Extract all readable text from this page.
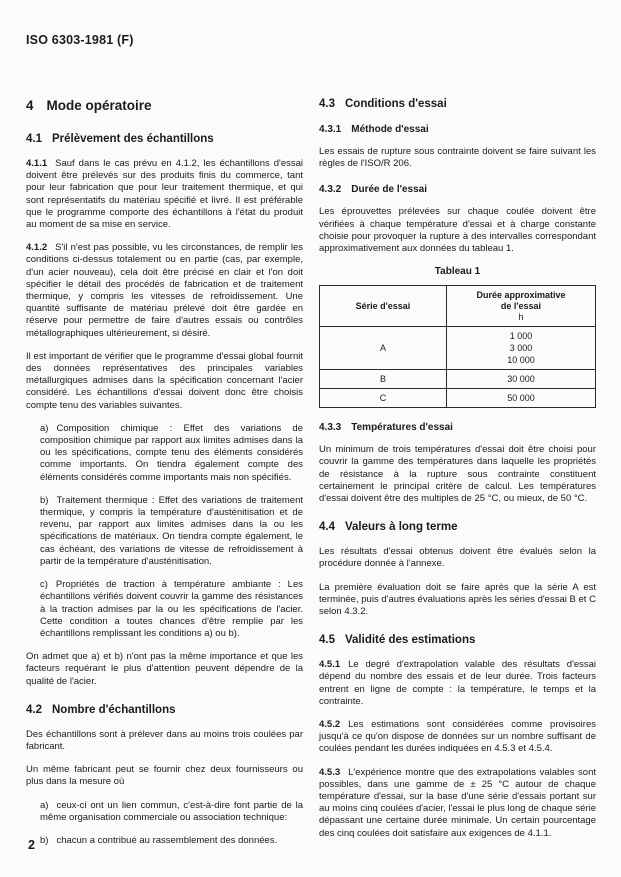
ISO 6303-1981 (F)
4 Mode opératoire
4.1 Prélèvement des échantillons

4.1.1 Sauf dans le cas prévu en 4.1.2, les échantillons d'essai doivent être prélevés sur des produits finis du commerce, tant pour leur fabrication que pour leur traitement thermique, et qui sont représentatifs du matériau spécifié et livré. Il est préférable que le programme comporte des échantillons à l'état du produit au moment de sa mise en service.

4.1.2 S'il n'est pas possible, vu les circonstances, de remplir les conditions ci-dessus totalement ou en partie (cas, par exemple, d'un acier nouveau), cela doit être précisé en clair et l'on doit spécifier le détail des procédés de fabrication et de traitement thermique, y compris les vitesses de refroidissement. Une quantité suffisante de matériau prélevé doit être gardée en réserve pour permettre de faire d'autres essais ou contrôles métallographiques ultérieurement, si désiré.

Il est important de vérifier que le programme d'essai global fournit des données représentatives des principales variables métallurgiques admises dans la spécification concernant l'acier considéré. Les échantillons d'essai doivent donc être choisis compte tenu des variables suivantes.

a) Composition chimique : Effet des variations de composition chimique par rapport aux limites admises dans la ou les spécifications, compte tenu des éléments considérés comme importants. On tiendra également compte des éléments considérés comme importants mais non spécifiés.

b) Traitement thermique : Effet des variations de traitement thermique, y compris la température d'austénitisation et de revenu, par rapport aux limites admises dans la ou les spécifications de matériaux. On tiendra compte également, le cas échéant, des variations de vitesse de refroidissement à partir de la température d'austénitisation.

c) Propriétés de traction à température ambiante : Les échantillons vérifiés doivent couvrir la gamme des résistances à la traction admises par la ou les spécifications de l'acier. Cette condition a toutes chances d'être remplie par les échantillons remplissant les conditions a) ou b).

On admet que a) et b) n'ont pas la même importance et que les facteurs requérant le plus d'attention peuvent dépendre de la qualité de l'acier.

4.2 Nombre d'échantillons

Des échantillons sont à prélever dans au moins trois coulées par fabricant.

Un même fabricant peut se fournir chez deux fournisseurs ou plus dans la mesure où

a) ceux-ci ont un lien commun, c'est-à-dire font partie de la même organisation commerciale ou association technique:

b) chacun a contribué au rassemblement des données.

4.3 Conditions d'essai
4.3.1 Méthode d'essai

Les essais de rupture sous contrainte doivent se faire suivant les règles de l'ISO/R 206.

4.3.2 Durée de l'essai

Les éprouvettes prélevées sur chaque coulée doivent être vérifiées à chaque température d'essai et à charge constante choisie pour provoquer la rupture à des intervalles correspondant approximativement aux données du tableau 1.

Tableau 1
Série d'essai	Durée approximative
de l'essai
h

A	1 000
3 000
10 000

B	30 000
C	50 000
4.3.3 Températures d'essai

Un minimum de trois températures d'essai doit être choisi pour couvrir la gamme des températures dans laquelle les propriétés de résistance à la rupture sous contrainte constituent certainement le principal critère de calcul. Les températures d'essai doivent être des multiples de 25 °C, ou mieux, de 50 °C.

4.4 Valeurs à long terme

Les résultats d'essai obtenus doivent être évalués selon la procédure donnée à l'annexe.

La première évaluation doit se faire après que la série A est terminée, puis d'autres évaluations après les séries d'essai B et C selon 4.3.2.

4.5 Validité des estimations

4.5.1 Le degré d'extrapolation valable des résultats d'essai dépend du nombre des essais et de leur durée. Trois facteurs entrent en ligne de compte : la température, le temps et la contrainte.

4.5.2 Les estimations sont considérées comme provisoires jusqu'à ce qu'on dispose de données sur un nombre suffisant de coulées pendant les durées indiquées en 4.5.3 et 4.5.4.

4.5.3 L'expérience montre que des extrapolations valables sont possibles, dans une gamme de ± 25 °C autour de chaque température d'essai, sur la base d'une série d'essais portant sur au moins cinq coulées d'acier, l'essai le plus long de chaque série dépassant une certaine durée minimale. Un certain pourcentage des cinq coulées doit satisfaire aux exigences de 4.1.1.

2
